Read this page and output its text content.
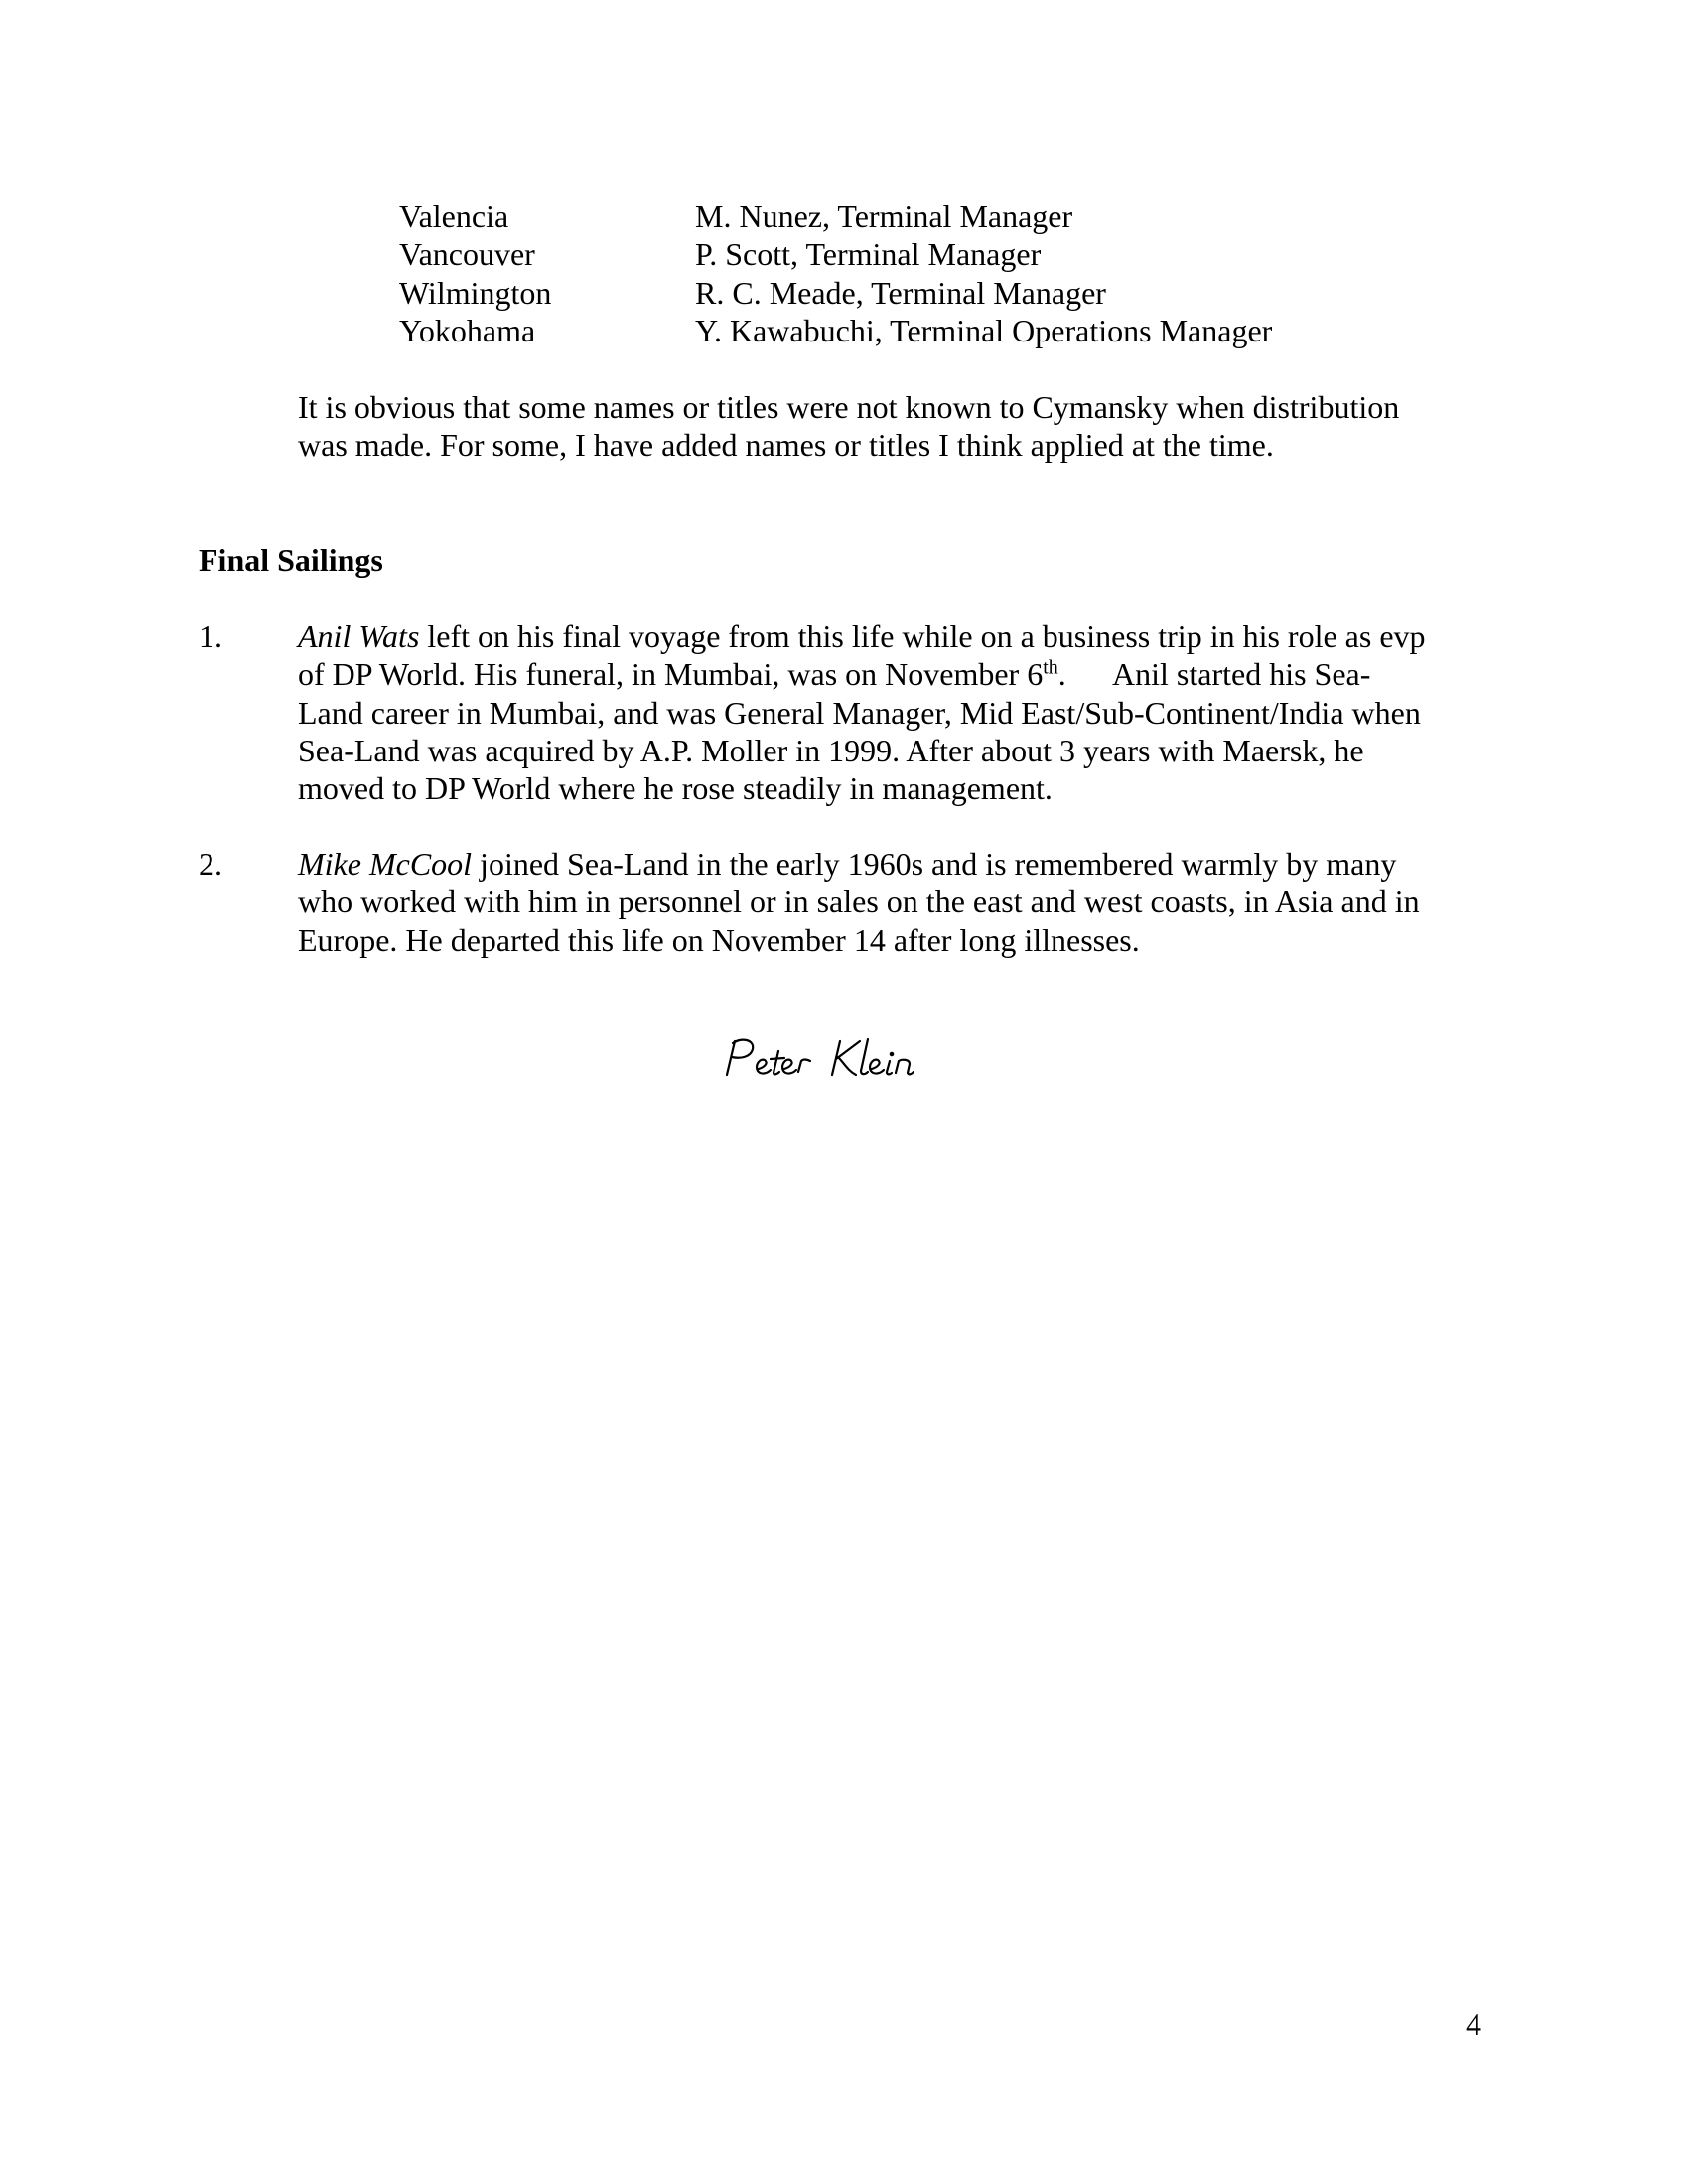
Valencia	M. Nunez, Terminal Manager
Vancouver	P. Scott, Terminal Manager
Wilmington	R. C. Meade, Terminal Manager
Yokohama	Y. Kawabuchi, Terminal Operations Manager
It is obvious that some names or titles were not known to Cymansky when distribution
was made. For some, I have added names or titles I think applied at the time.
Final Sailings
1.	Anil Wats left on his final voyage from this life while on a business trip in his role as evp
of DP World. His funeral, in Mumbai, was on November 6th.      Anil started his Sea-
Land career in Mumbai, and was General Manager, Mid East/Sub-Continent/India when
Sea-Land was acquired by A.P. Moller in 1999. After about 3 years with Maersk, he
moved to DP World where he rose steadily in management.
2.	Mike McCool joined Sea-Land in the early 1960s and is remembered warmly by many
who worked with him in personnel or in sales on the east and west coasts, in Asia and in
Europe. He departed this life on November 14 after long illnesses.
4
